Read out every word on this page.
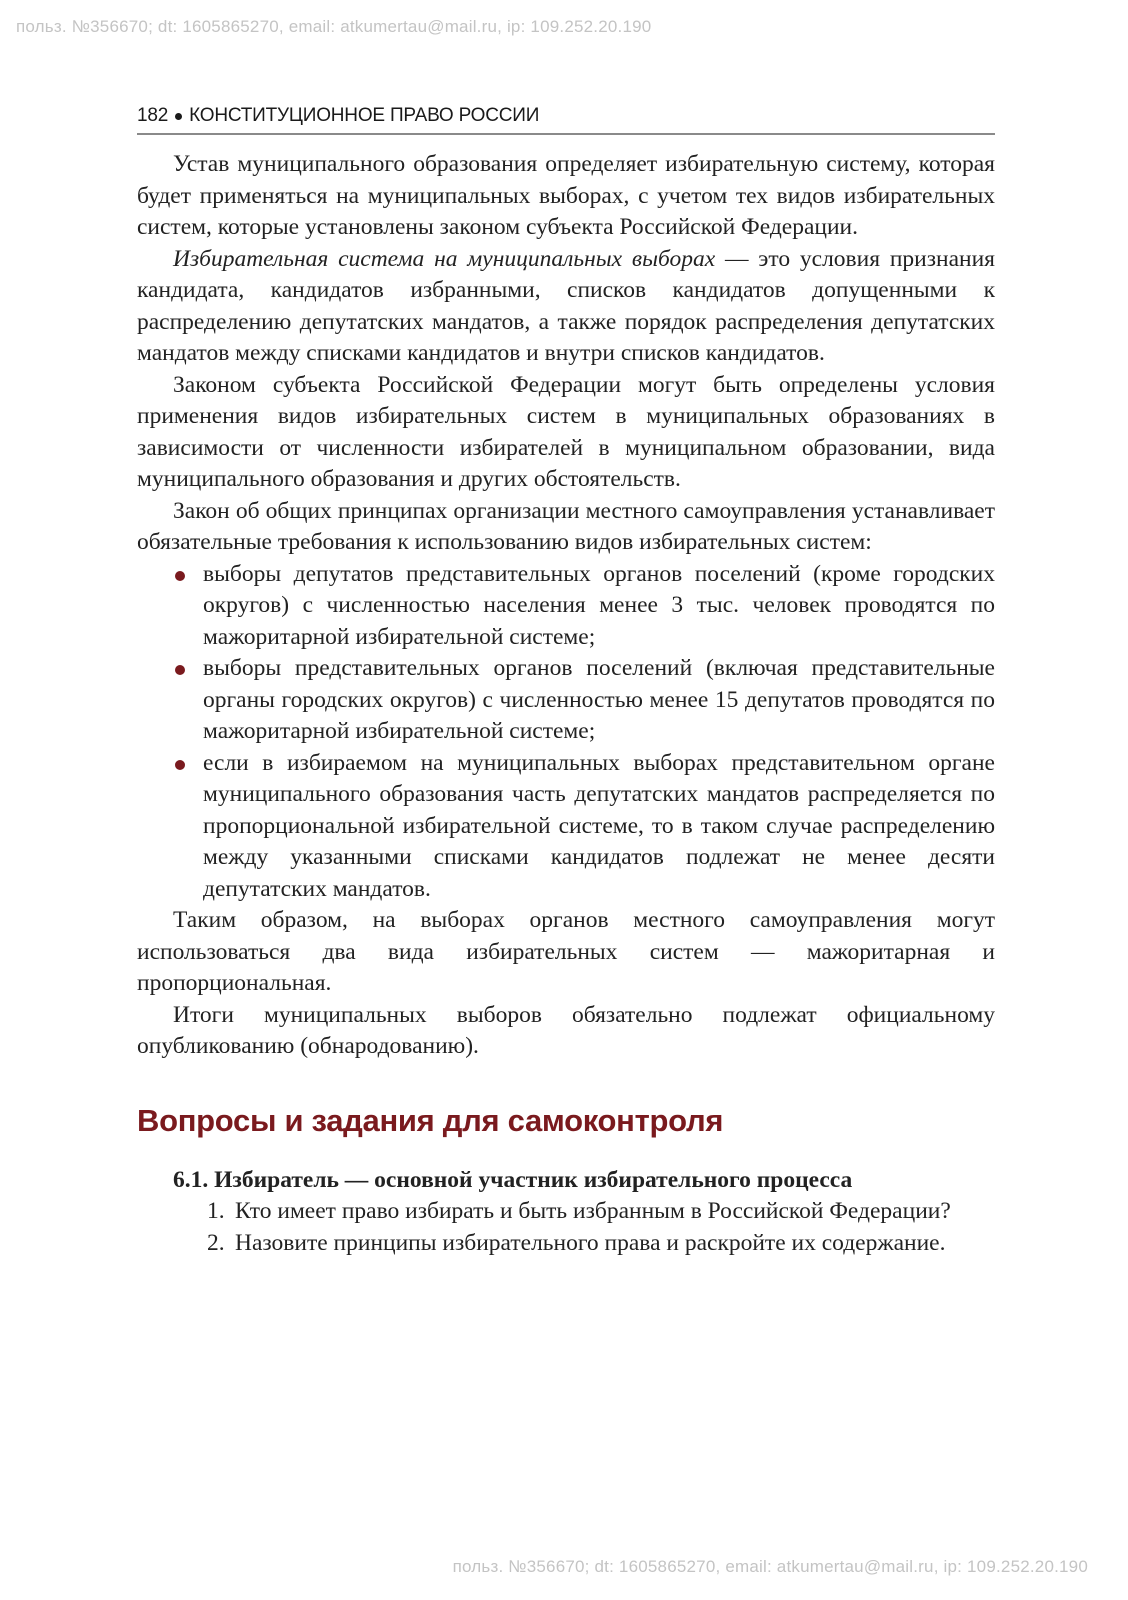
польз. №356670; dt: 1605865270, email: atkumertau@mail.ru, ip: 109.252.20.190
182 КОНСТИТУЦИОННОЕ ПРАВО РОССИИ

Устав муниципального образования определяет избирательную систему, которая будет применяться на муниципальных выборах, с учетом тех видов избирательных систем, которые установлены законом субъекта Российской Федерации.

Избирательная система на муниципальных выборах — это условия признания кандидата, кандидатов избранными, списков кандидатов допущенными к распределению депутатских мандатов, а также порядок распределения депутатских мандатов между списками кандидатов и внутри списков кандидатов.

Законом субъекта Российской Федерации могут быть определены условия применения видов избирательных систем в муниципальных образованиях в зависимости от численности избирателей в муниципальном образовании, вида муниципального образования и других обстоятельств.

Закон об общих принципах организации местного самоуправления устанавливает обязательные требования к использованию видов избирательных систем:

выборы депутатов представительных органов поселений (кроме городских округов) с численностью населения менее 3 тыс. человек проводятся по мажоритарной избирательной системе;
выборы представительных органов поселений (включая представительные органы городских округов) с численностью менее 15 депутатов проводятся по мажоритарной избирательной системе;
если в избираемом на муниципальных выборах представительном органе муниципального образования часть депутатских мандатов распределяется по пропорциональной избирательной системе, то в таком случае распределению между указанными списками кандидатов подлежат не менее десяти депутатских мандатов.

Таким образом, на выборах органов местного самоуправления могут использоваться два вида избирательных систем — мажоритарная и пропорциональная.

Итоги муниципальных выборов обязательно подлежат официальному опубликованию (обнародованию).

Вопросы и задания для самоконтроля
6.1. Избиратель — основной участник избирательного процесса
1. Кто имеет право избирать и быть избранным в Российской Федерации?
2. Назовите принципы избирательного права и раскройте их содержание.
польз. №356670; dt: 1605865270, email: atkumertau@mail.ru, ip: 109.252.20.190
